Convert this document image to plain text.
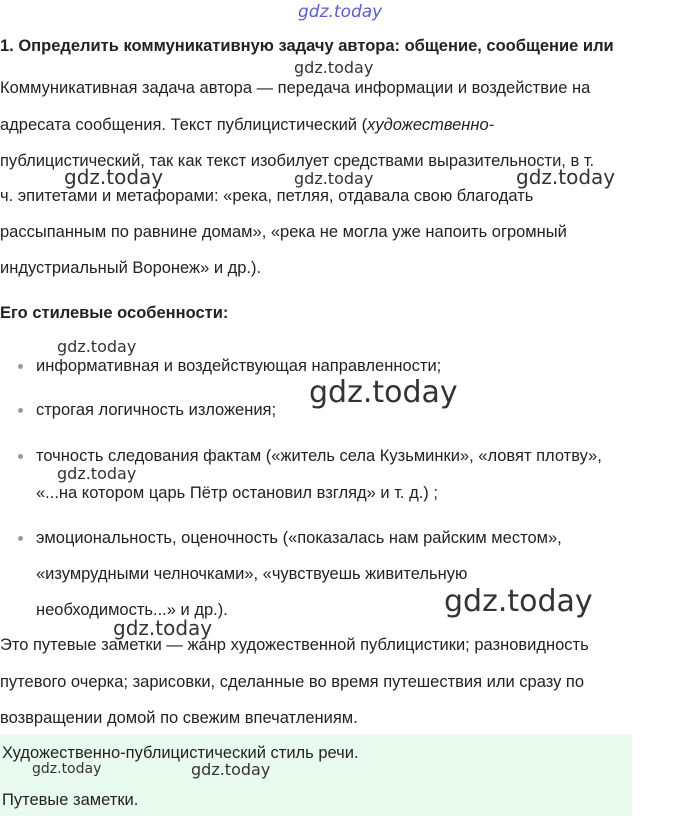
gdz.today
1. Определить коммуникативную задачу автора: общение, сообщение или
gdz.today
Коммуникативная задача автора — передача информации и воздействие на
адресата сообщения. Текст публицистический (художественно-
публицистический, так как текст изобилует средствами выразительности, в т.
gdz.today	gdz.today	gdz.today
ч. эпитетами и метафорами: «река, петляя, отдавала свою благодать
рассыпанным по равнине домам», «река не могла уже напоить огромный
индустриальный Воронеж» и др.).
Его стилевые особенности:
gdz.today
информативная и воздействующая направленности;
строгая логичность изложения; gdz.today
точность следования фактам («житель села Кузьминки», «ловят плотву»,
gdz.today
«...на котором царь Пётр остановил взгляд» и т. д.) ;
эмоциональность, оценочность («показалась нам райским местом»,
«изумрудными челночками», «чувствуешь живительную
необходимость...» и др.).	gdz.today
gdz.today
Это путевые заметки — жанр художественной публицистики; разновидность
путевого очерка; зарисовки, сделанные во время путешествия или сразу по
возвращении домой по свежим впечатлениям.
Художественно-публицистический стиль речи.
gdz.today	gdz.today
Путевые заметки.
